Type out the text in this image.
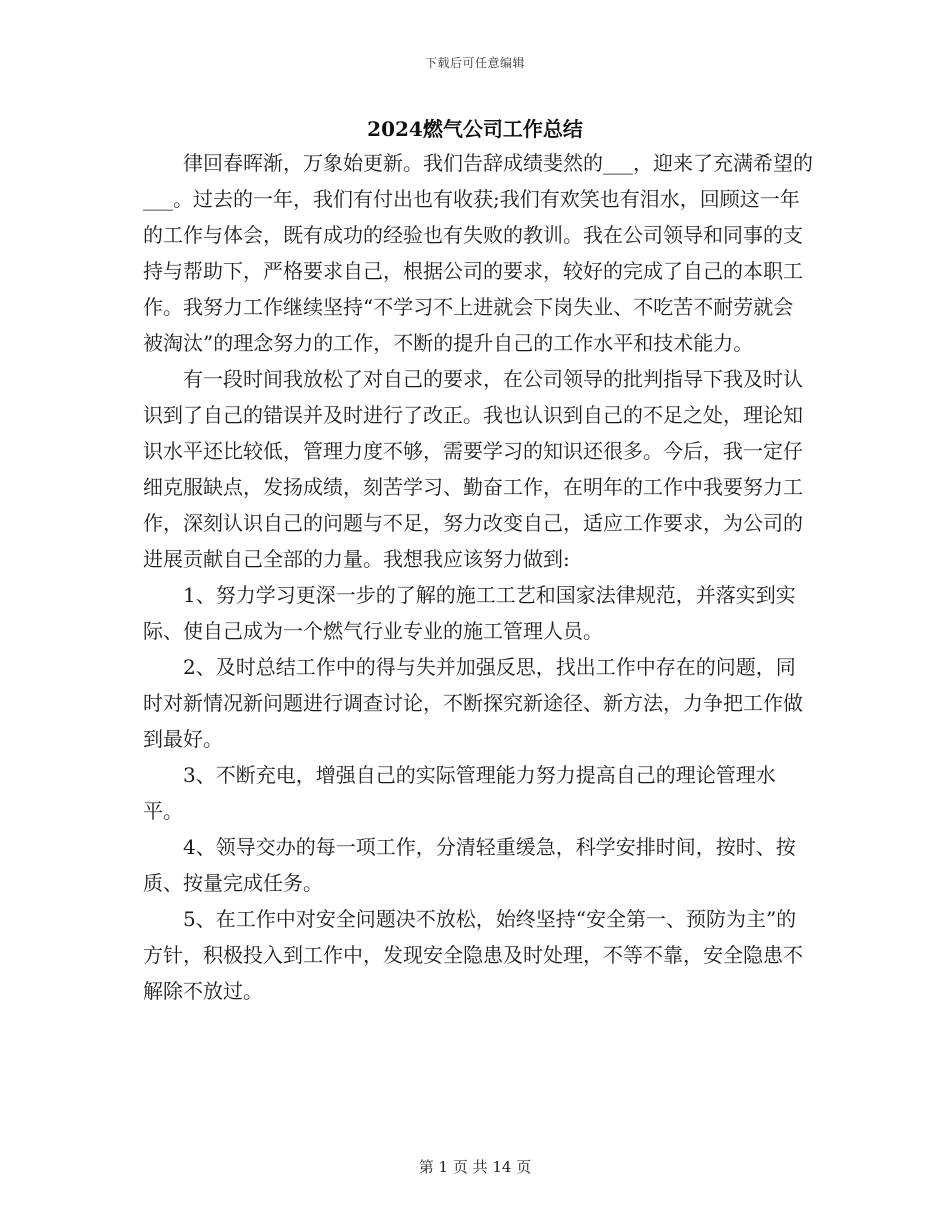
下载后可任意编辑
2024燃气公司工作总结

律回春晖渐，万象始更新。我们告辞成绩斐然的___，迎来了充满希望的___。过去的一年，我们有付出也有收获;我们有欢笑也有泪水，回顾这一年的工作与体会，既有成功的经验也有失败的教训。我在公司领导和同事的支持与帮助下，严格要求自己，根据公司的要求，较好的完成了自己的本职工作。我努力工作继续坚持“不学习不上进就会下岗失业、不吃苦不耐劳就会被淘汰”的理念努力的工作，不断的提升自己的工作水平和技术能力。

有一段时间我放松了对自己的要求，在公司领导的批判指导下我及时认识到了自己的错误并及时进行了改正。我也认识到自己的不足之处，理论知识水平还比较低，管理力度不够，需要学习的知识还很多。今后，我一定仔细克服缺点，发扬成绩，刻苦学习、勤奋工作，在明年的工作中我要努力工作，深刻认识自己的问题与不足，努力改变自己，适应工作要求，为公司的进展贡献自己全部的力量。我想我应该努力做到:

1、努力学习更深一步的了解的施工工艺和国家法律规范，并落实到实际、使自己成为一个燃气行业专业的施工管理人员。

2、及时总结工作中的得与失并加强反思，找出工作中存在的问题，同时对新情况新问题进行调查讨论，不断探究新途径、新方法，力争把工作做到最好。

3、不断充电，增强自己的实际管理能力努力提高自己的理论管理水平。

4、领导交办的每一项工作，分清轻重缓急，科学安排时间，按时、按质、按量完成任务。

5、在工作中对安全问题决不放松，始终坚持“安全第一、预防为主”的方针，积极投入到工作中，发现安全隐患及时处理，不等不靠，安全隐患不解除不放过。

第 1 页 共 14 页
